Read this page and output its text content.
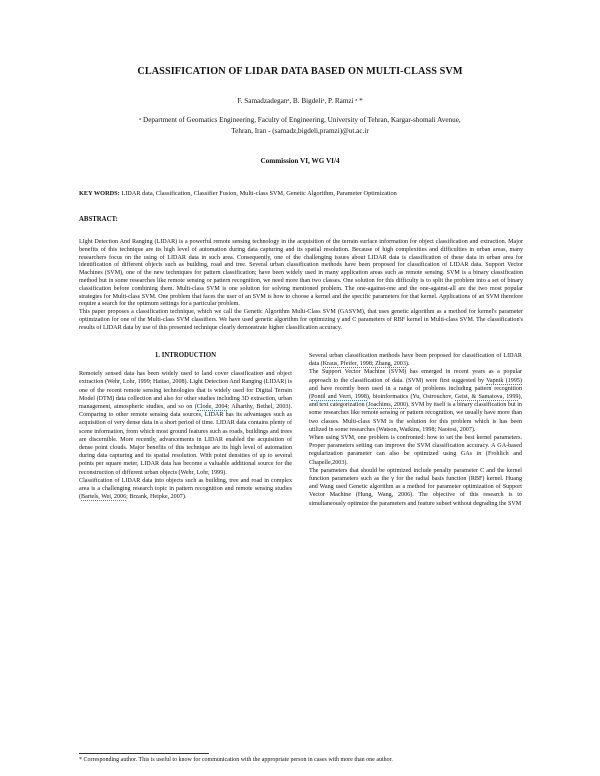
CLASSIFICATION OF LIDAR DATA BASED ON MULTI-CLASS SVM
F. Samadzadeganᵃ, B. Bigdeliᵃ, P. Ramzi ᵃ *
ᵃ Department of Geomatics Engineering, Faculty of Engineering, University of Tehran, Kargar-shomali Avenue,
Tehran, Iran - (samadz,bigdeli,pramzi)@ut.ac.ir
Commission VI, WG VI/4
KEY WORDS: LIDAR data, Classification, Classifier Fusion, Multi-class SVM, Genetic Algorithm, Parameter Optimization
ABSTRACT:

LIght Detection And Ranging (LIDAR) is a powerful remote sensing technology in the acquisition of the terrain surface information for object classification and extraction. Major benefits of this technique are its high level of automation during data capturing and its spatial resolution. Because of high complexities and difficulties in urban areas, many researchers focus on the using of LIDAR data in such area. Consequently, one of the challenging issues about LIDAR data is classification of these data in urban area for identification of different objects such as building, road and tree. Several urban classification methods have been proposed for classification of LIDAR data. Support Vector Machines (SVM), one of the new techniques for pattern classification; have been widely used in many application areas such as remote sensing. SVM is a binary classification method but in some researches like remote sensing or pattern recognition, we need more than two classes. One solution for this difficulty is to split the problem into a set of binary classification before combining them. Multi-class SVM is one solution for solving mentioned problem. The one-against-one and the one-against-all are the two most popular strategies for Multi-class SVM. One problem that faces the user of an SVM is how to choose a kernel and the specific parameters for that kernel. Applications of an SVM therefore require a search for the optimum settings for a particular problem.

This paper proposes a classification technique, which we call the Genetic Algorithm Multi-Class SVM (GASVM), that uses genetic algorithm as a method for kernel's parameter optimization for one of the Multi-class SVM classifiers. We have used genetic algorithm for optimizing γ and C parameters of RBF kernel in Multi-class SVM. The classification's results of LIDAR data by use of this presented technique clearly demonstrate higher classification accuracy.

1. INTRODUCTION

Remotely sensed data has been widely used to land cover classification and object extraction (Wehr, Lohr, 1999; Haitao, 2008). Light Detection And Ranging (LIDAR) is one of the recent remote sensing technologies that is widely used for Digital Terrain Model (DTM) data collection and also for other studies including 3D extraction, urban management, atmospheric studies, and so on (Clode, 2004; Alharthy, Bethel, 2003). Comparing to other remote sensing data sources, LIDAR has its advantages such as acquisition of very dense data in a short period of time. LIDAR data contains plenty of scene information, from which most ground features such as roads, buildings and trees are discernible. More recently, advancements in LIDAR enabled the acquisition of dense point clouds. Major benefits of this technique are its high level of automation during data capturing and its spatial resolution. With point densities of up to several points per square meter, LIDAR data has become a valuable additional source for the reconstruction of different urban objects (Wehr, Lohr, 1999).

Classification of LIDAR data into objects such as building, tree and road in complex area is a challenging research topic in pattern recognition and remote sensing studies (Bartels, Wei, 2006; Brzank, Heipke, 2007).

Several urban classification methods have been proposed for classification of LIDAR data (Kraus, Pfeifer, 1998; Zhang, 2003).

The Support Vector Machine (SVM) has emerged in recent years as a popular approach to the classification of data. (SVM) were first suggested by Vapnik (1995) and have recently been used in a range of problems including pattern recognition (Pontil and Verri, 1998), bioinformatics (Yu, Ostrouchov, Geist, & Samatova, 1999), and text categorization (Joachims, 2000). SVM by itself is a binary classification but in some researches like remote sensing or pattern recognition, we usually have more than two classes. Multi-class SVM is the solution for this problem which is has been utilized in some researches (Watson, Watkins, 1998; Naotosi, 2007).

When using SVM, one problem is confronted: how to set the best kernel parameters. Proper parameters setting can improve the SVM classification accuracy. A GA-based regularization parameter can also be optimized using GAs in (Frohlich and Chapelle,2003).

The parameters that should be optimized include penalty parameter C and the kernel function parameters such as the γ for the radial basis function (RBF) kernel. Huang and Wang used Genetic algorithm as a method for parameter optimization of Support Vector Machine (Hung, Wang, 2006). The objective of this research is to simultaneously optimize the parameters and feature subset without degrading the SVM

* Corresponding author. This is useful to know for communication with the appropriate person in cases with more than one author.
